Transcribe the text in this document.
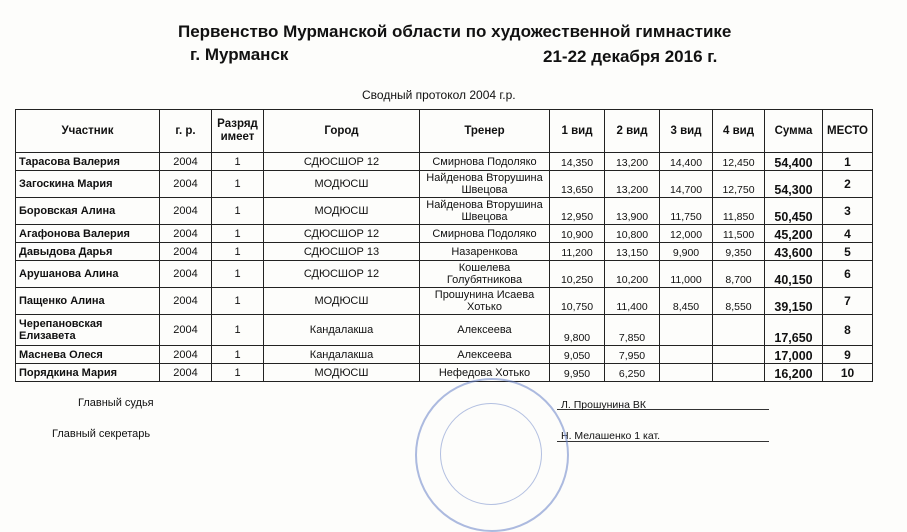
Первенство Мурманской области по художественной гимнастике
г. Мурманск	21-22 декабря 2016 г.
Сводный протокол 2004 г.р.
Участник	г. р.	Разряд имеет	Город	Тренер	1 вид	2 вид	3 вид	4 вид	Сумма	МЕСТО
Тарасова Валерия	2004	1	СДЮСШОР 12	Смирнова Подоляко	14,350	13,200	14,400	12,450	54,400	1
Загоскина Мария	2004	1	МОДЮСШ	Найденова Вторушина Швецова	13,650	13,200	14,700	12,750	54,300	2
Боровская Алина	2004	1	МОДЮСШ	Найденова Вторушина Швецова	12,950	13,900	11,750	11,850	50,450	3
Агафонова Валерия	2004	1	СДЮСШОР 12	Смирнова Подоляко	10,900	10,800	12,000	11,500	45,200	4
Давыдова Дарья	2004	1	СДЮСШОР 13	Назаренкова	11,200	13,150	9,900	9,350	43,600	5
Арушанова Алина	2004	1	СДЮСШОР 12	Кошелева Голубятникова	10,250	10,200	11,000	8,700	40,150	6
Пащенко Алина	2004	1	МОДЮСШ	Прошунина Исаева Хотько	10,750	11,400	8,450	8,550	39,150	7
Черепановская Елизавета	2004	1	Кандалакша	Алексеева	9,800	7,850			17,650	8
Маснева Олеся	2004	1	Кандалакша	Алексеева	9,050	7,950			17,000	9
Порядкина Мария	2004	1	МОДЮСШ	Нефедова Хотько	9,950	6,250			16,200	10
Главный судья	Л. Прошунина ВК
Главный секретарь	Н. Мелашенко 1 кат.
